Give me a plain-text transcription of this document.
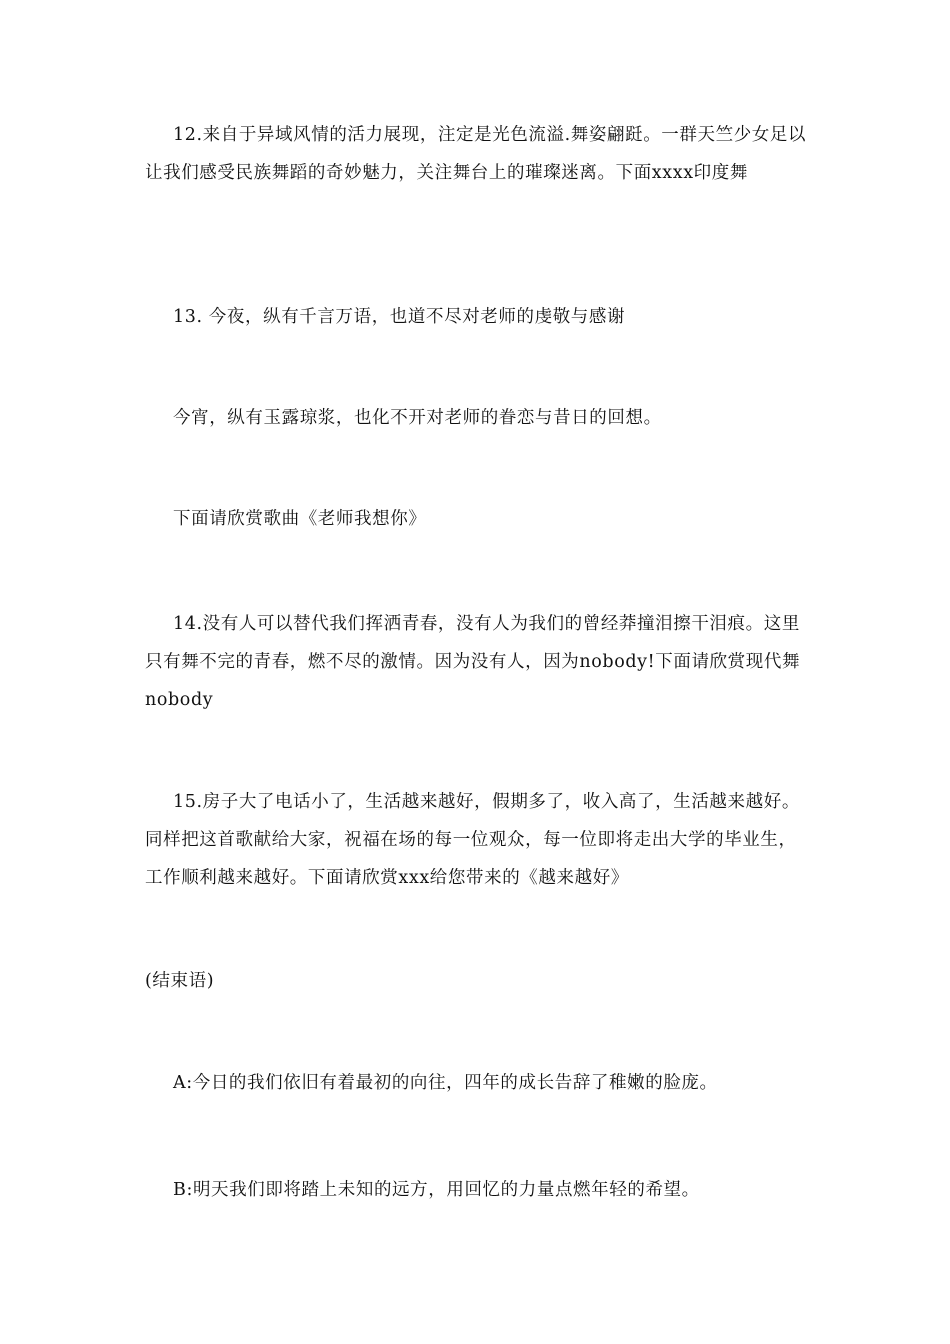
12.来自于异域风情的活力展现，注定是光色流溢.舞姿翩跹。一群天竺少女足以让我们感受民族舞蹈的奇妙魅力，关注舞台上的璀璨迷离。下面xxxx印度舞

13. 今夜，纵有千言万语，也道不尽对老师的虔敬与感谢

今宵，纵有玉露琼浆，也化不开对老师的眷恋与昔日的回想。

下面请欣赏歌曲《老师我想你》

14.没有人可以替代我们挥洒青春，没有人为我们的曾经莽撞泪擦干泪痕。这里只有舞不完的青春，燃不尽的激情。因为没有人，因为nobody!下面请欣赏现代舞nobody

15.房子大了电话小了，生活越来越好，假期多了，收入高了，生活越来越好。同样把这首歌献给大家，祝福在场的每一位观众，每一位即将走出大学的毕业生，工作顺利越来越好。下面请欣赏xxx给您带来的《越来越好》

(结束语)

A:今日的我们依旧有着最初的向往，四年的成长告辞了稚嫩的脸庞。

B:明天我们即将踏上未知的远方，用回忆的力量点燃年轻的希望。
